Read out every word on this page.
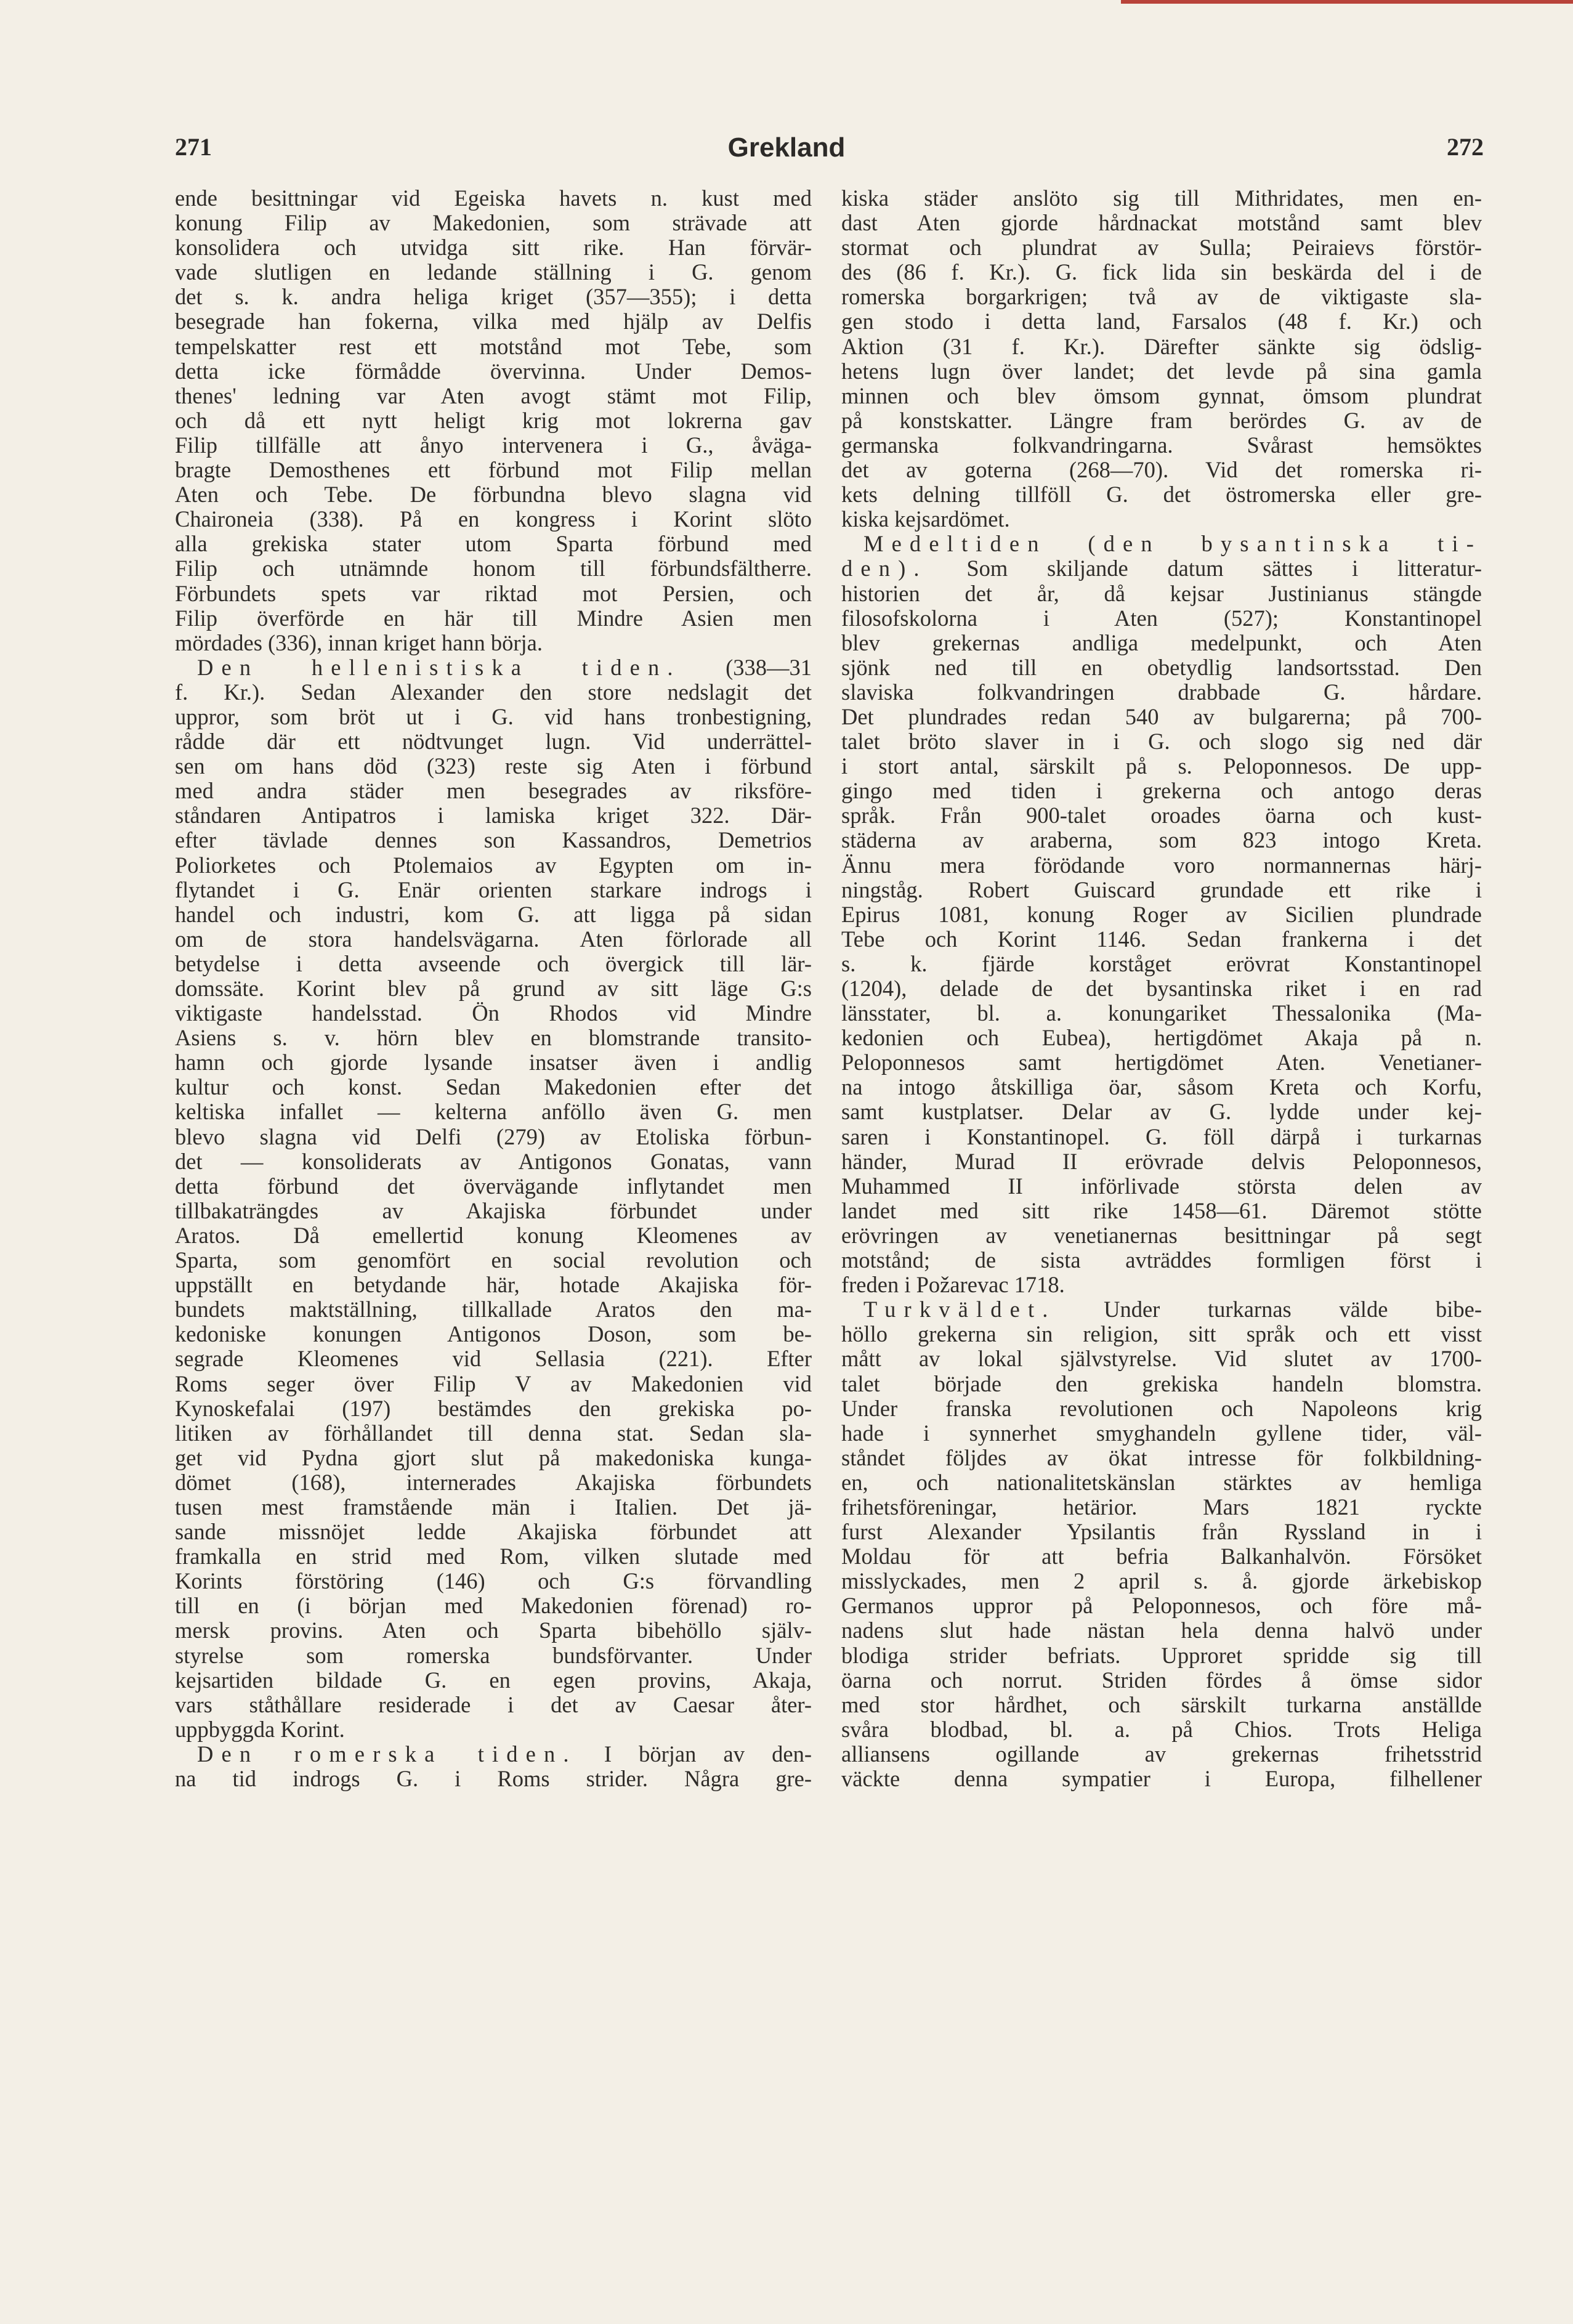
271	Grekland	272
ende besittningar vid Egeiska havets n. kust med
konung Filip av Makedonien, som strävade att
konsolidera och utvidga sitt rike. Han förvär-
vade slutligen en ledande ställning i G. genom
det s. k. andra heliga kriget (357—355); i detta
besegrade han fokerna, vilka med hjälp av Delfis
tempelskatter rest ett motstånd mot Tebe, som
detta icke förmådde övervinna. Under Demos-
thenes' ledning var Aten avogt stämt mot Filip,
och då ett nytt heligt krig mot lokrerna gav
Filip tillfälle att ånyo intervenera i G., åväga-
bragte Demosthenes ett förbund mot Filip mellan
Aten och Tebe. De förbundna blevo slagna vid
Chaironeia (338). På en kongress i Korint slöto
alla grekiska stater utom Sparta förbund med
Filip och utnämnde honom till förbundsfältherre.
Förbundets spets var riktad mot Persien, och
Filip överförde en här till Mindre Asien men
mördades (336), innan kriget hann börja.
Den hellenistiska tiden. (338—31
f. Kr.). Sedan Alexander den store nedslagit det
uppror, som bröt ut i G. vid hans tronbestigning,
rådde där ett nödtvunget lugn. Vid underrättel-
sen om hans död (323) reste sig Aten i förbund
med andra städer men besegrades av riksföre-
ståndaren Antipatros i lamiska kriget 322. Där-
efter tävlade dennes son Kassandros, Demetrios
Poliorketes och Ptolemaios av Egypten om in-
flytandet i G. Enär orienten starkare indrogs i
handel och industri, kom G. att ligga på sidan
om de stora handelsvägarna. Aten förlorade all
betydelse i detta avseende och övergick till lär-
domssäte. Korint blev på grund av sitt läge G:s
viktigaste handelsstad. Ön Rhodos vid Mindre
Asiens s. v. hörn blev en blomstrande transito-
hamn och gjorde lysande insatser även i andlig
kultur och konst. Sedan Makedonien efter det
keltiska infallet — kelterna anföllo även G. men
blevo slagna vid Delfi (279) av Etoliska förbun-
det — konsoliderats av Antigonos Gonatas, vann
detta förbund det övervägande inflytandet men
tillbakaträngdes av Akajiska förbundet under
Aratos. Då emellertid konung Kleomenes av
Sparta, som genomfört en social revolution och
uppställt en betydande här, hotade Akajiska för-
bundets maktställning, tillkallade Aratos den ma-
kedoniske konungen Antigonos Doson, som be-
segrade Kleomenes vid Sellasia (221). Efter
Roms seger över Filip V av Makedonien vid
Kynoskefalai (197) bestämdes den grekiska po-
litiken av förhållandet till denna stat. Sedan sla-
get vid Pydna gjort slut på makedoniska kunga-
dömet (168), internerades Akajiska förbundets
tusen mest framstående män i Italien. Det jä-
sande missnöjet ledde Akajiska förbundet att
framkalla en strid med Rom, vilken slutade med
Korints förstöring (146) och G:s förvandling
till en (i början med Makedonien förenad) ro-
mersk provins. Aten och Sparta bibehöllo själv-
styrelse som romerska bundsförvanter. Under
kejsartiden bildade G. en egen provins, Akaja,
vars ståthållare residerade i det av Caesar åter-
uppbyggda Korint.
Den romerska tiden. I början av den-
na tid indrogs G. i Roms strider. Några gre-
kiska städer anslöto sig till Mithridates, men en-
dast Aten gjorde hårdnackat motstånd samt blev
stormat och plundrat av Sulla; Peiraievs förstör-
des (86 f. Kr.). G. fick lida sin beskärda del i de
romerska borgarkrigen; två av de viktigaste sla-
gen stodo i detta land, Farsalos (48 f. Kr.) och
Aktion (31 f. Kr.). Därefter sänkte sig ödslig-
hetens lugn över landet; det levde på sina gamla
minnen och blev ömsom gynnat, ömsom plundrat
på konstskatter. Längre fram berördes G. av de
germanska folkvandringarna. Svårast hemsöktes
det av goterna (268—70). Vid det romerska ri-
kets delning tillföll G. det östromerska eller gre-
kiska kejsardömet.
Medeltiden (den bysantinska ti-
den). Som skiljande datum sättes i litteratur-
historien det år, då kejsar Justinianus stängde
filosofskolorna i Aten (527); Konstantinopel
blev grekernas andliga medelpunkt, och Aten
sjönk ned till en obetydlig landsortsstad. Den
slaviska folkvandringen drabbade G. hårdare.
Det plundrades redan 540 av bulgarerna; på 700-
talet bröto slaver in i G. och slogo sig ned där
i stort antal, särskilt på s. Peloponnesos. De upp-
gingo med tiden i grekerna och antogo deras
språk. Från 900-talet oroades öarna och kust-
städerna av araberna, som 823 intogo Kreta.
Ännu mera förödande voro normannernas härj-
ningståg. Robert Guiscard grundade ett rike i
Epirus 1081, konung Roger av Sicilien plundrade
Tebe och Korint 1146. Sedan frankerna i det
s. k. fjärde korståget erövrat Konstantinopel
(1204), delade de det bysantinska riket i en rad
länsstater, bl. a. konungariket Thessalonika (Ma-
kedonien och Eubea), hertigdömet Akaja på n.
Peloponnesos samt hertigdömet Aten. Venetianer-
na intogo åtskilliga öar, såsom Kreta och Korfu,
samt kustplatser. Delar av G. lydde under kej-
saren i Konstantinopel. G. föll därpå i turkarnas
händer, Murad II erövrade delvis Peloponnesos,
Muhammed II införlivade största delen av
landet med sitt rike 1458—61. Däremot stötte
erövringen av venetianernas besittningar på segt
motstånd; de sista avträddes formligen först i
freden i Požarevac 1718.
Turkväldet. Under turkarnas välde bibe-
höllo grekerna sin religion, sitt språk och ett visst
mått av lokal självstyrelse. Vid slutet av 1700-
talet började den grekiska handeln blomstra.
Under franska revolutionen och Napoleons krig
hade i synnerhet smyghandeln gyllene tider, väl-
ståndet följdes av ökat intresse för folkbildning-
en, och nationalitetskänslan stärktes av hemliga
frihetsföreningar, hetärior. Mars 1821 ryckte
furst Alexander Ypsilantis från Ryssland in i
Moldau för att befria Balkanhalvön. Försöket
misslyckades, men 2 april s. å. gjorde ärkebiskop
Germanos uppror på Peloponnesos, och före må-
nadens slut hade nästan hela denna halvö under
blodiga strider befriats. Upproret spridde sig till
öarna och norrut. Striden fördes å ömse sidor
med stor hårdhet, och särskilt turkarna anställde
svåra blodbad, bl. a. på Chios. Trots Heliga
alliansens ogillande av grekernas frihetsstrid
väckte denna sympatier i Europa, filhellener
